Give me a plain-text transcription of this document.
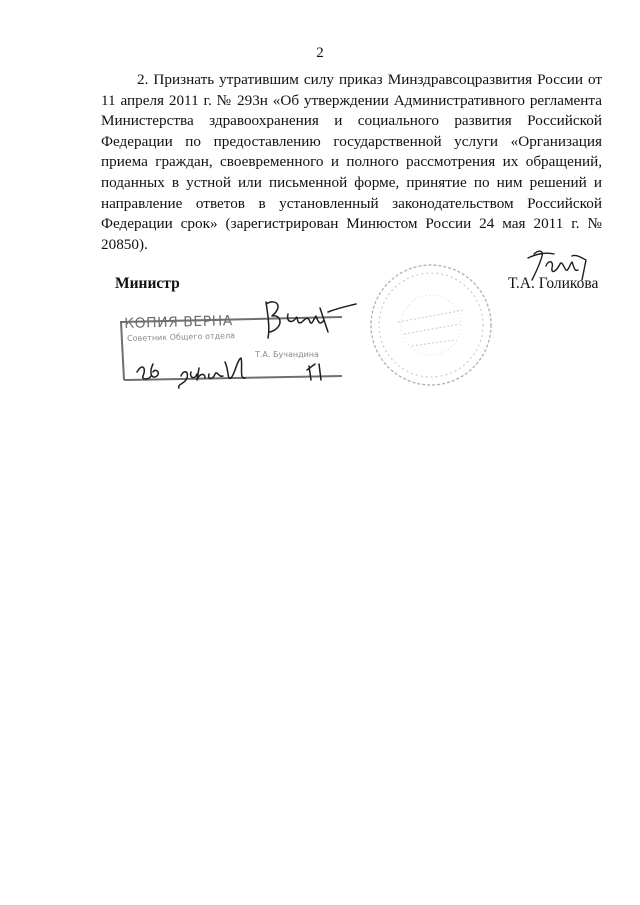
2

2. Признать утратившим силу приказ Минздравсоцразвития России от 11 апреля 2011 г. № 293н «Об утверждении Административного регламента Министерства здравоохранения и социального развития Российской Федерации по предоставлению государственной услуги «Организация приема граждан, своевременного и полного рассмотрения их обращений, поданных в устной или письменной форме, принятие по ним решений и направление ответов в установленный законодательством Российской Федерации срок» (зарегистрирован Минюстом России 24 мая 2011 г. № 20850).

Министр	Т.А. Голикова
КОПИЯ ВЕРНА
Советник Общего отдела
Т.А. Бучандина
